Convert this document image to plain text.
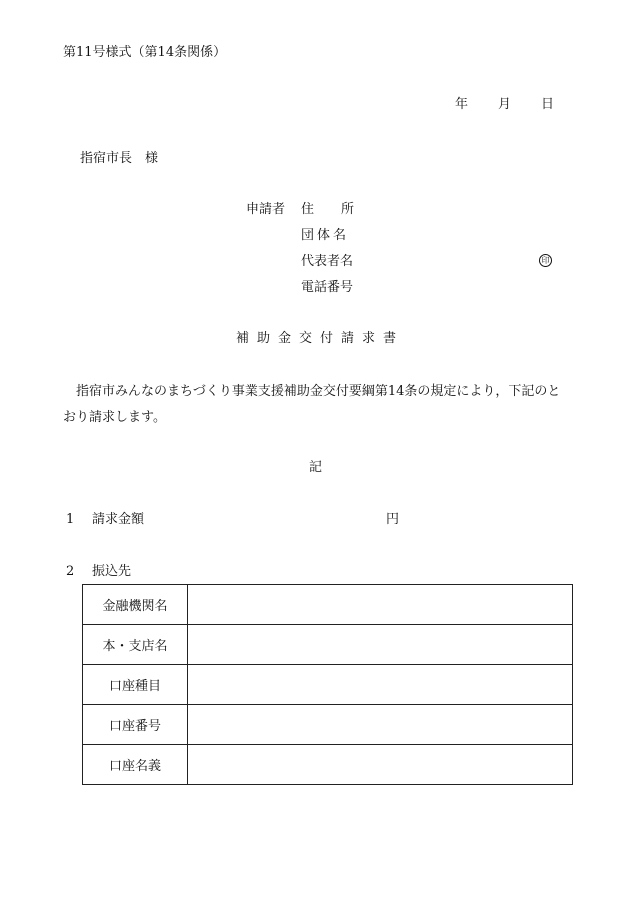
第11号様式（第14条関係）
年 月 日
指宿市長　様
申請者 住 所
団体名
代表者名	印
電話番号
補助金交付請求書
指宿市みんなのまちづくり事業支援補助金交付要綱第14条の規定により，下記のとおり請求します。
記
1 請求金額	円
2 振込先
金融機関名	
本・支店名	
口座種目	
口座番号	
口座名義	
